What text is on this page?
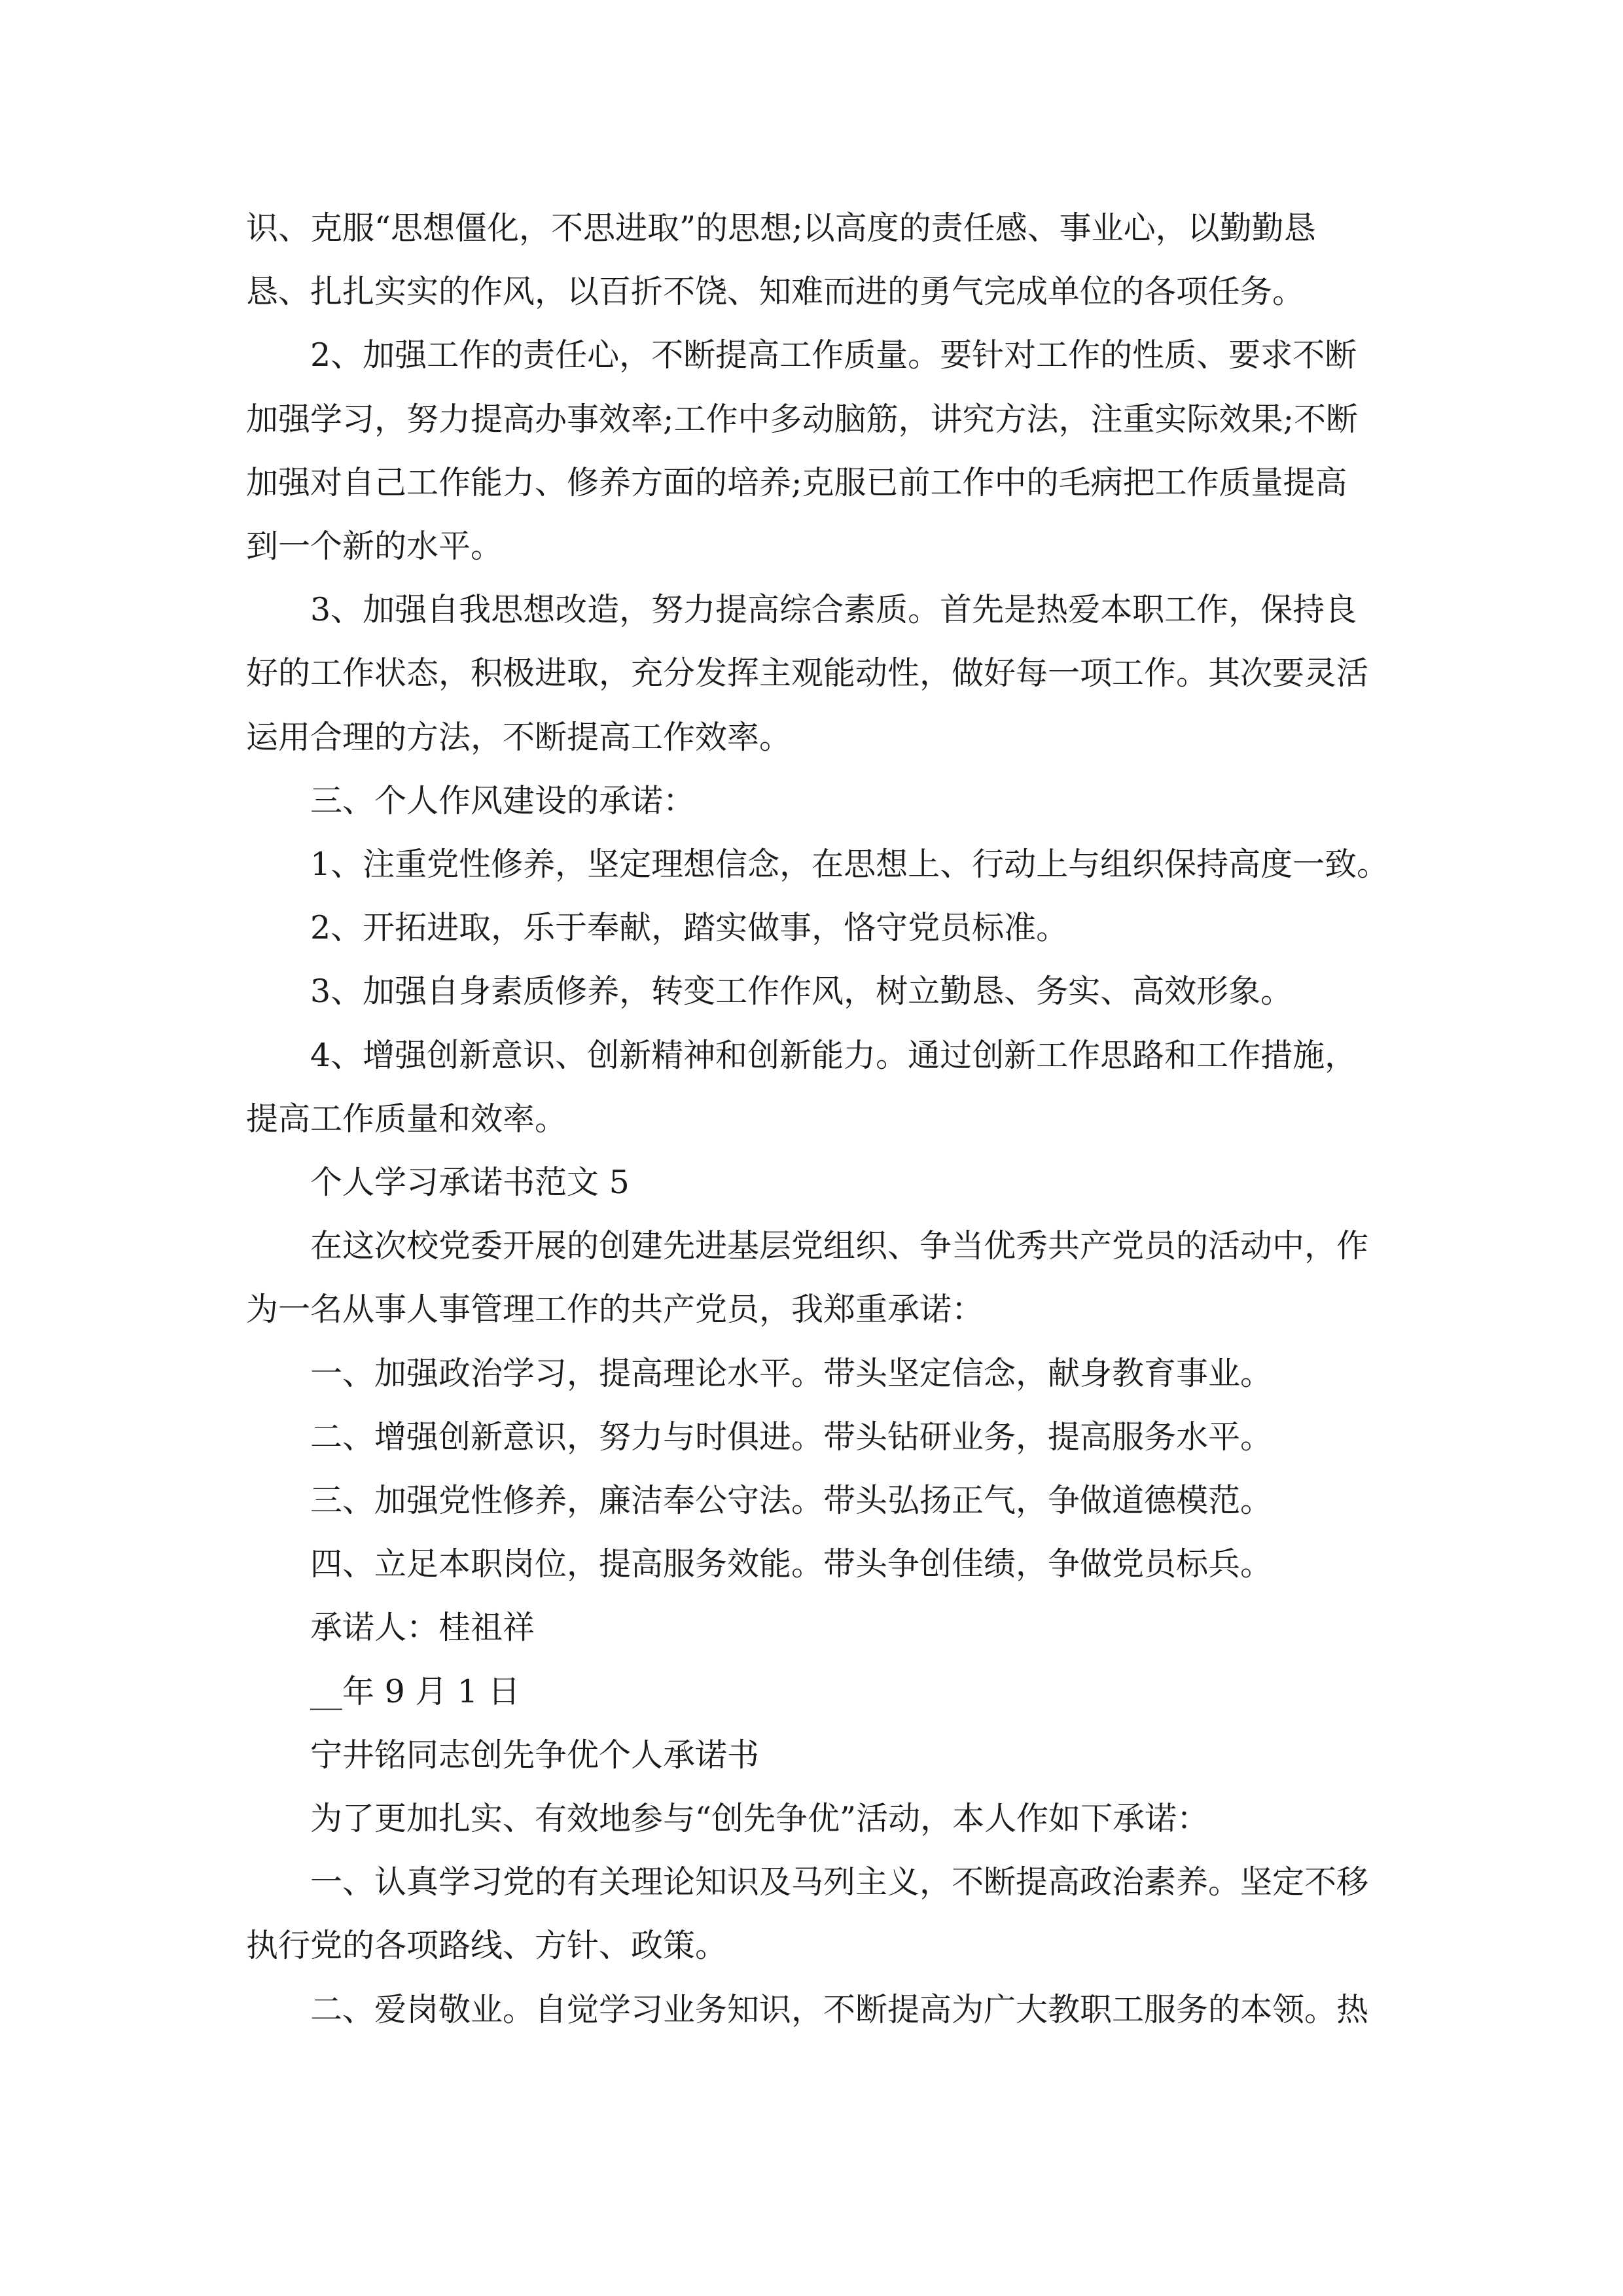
识、克服“思想僵化，不思进取”的思想;以高度的责任感、事业心，以勤勤恳
恳、扎扎实实的作风，以百折不饶、知难而进的勇气完成单位的各项任务。

2、加强工作的责任心，不断提高工作质量。要针对工作的性质、要求不断
加强学习，努力提高办事效率;工作中多动脑筋，讲究方法，注重实际效果;不断
加强对自己工作能力、修养方面的培养;克服已前工作中的毛病把工作质量提高
到一个新的水平。

3、加强自我思想改造，努力提高综合素质。首先是热爱本职工作，保持良
好的工作状态，积极进取，充分发挥主观能动性，做好每一项工作。其次要灵活
运用合理的方法，不断提高工作效率。

三、个人作风建设的承诺：

1、注重党性修养，坚定理想信念，在思想上、行动上与组织保持高度一致。

2、开拓进取，乐于奉献，踏实做事，恪守党员标准。

3、加强自身素质修养，转变工作作风，树立勤恳、务实、高效形象。

4、增强创新意识、创新精神和创新能力。通过创新工作思路和工作措施，
提高工作质量和效率。

个人学习承诺书范文 5

在这次校党委开展的创建先进基层党组织、争当优秀共产党员的活动中，作
为一名从事人事管理工作的共产党员，我郑重承诺：

一、加强政治学习，提高理论水平。带头坚定信念，献身教育事业。

二、增强创新意识，努力与时俱进。带头钻研业务，提高服务水平。

三、加强党性修养，廉洁奉公守法。带头弘扬正气，争做道德模范。

四、立足本职岗位，提高服务效能。带头争创佳绩，争做党员标兵。

承诺人：桂祖祥

__年 9 月 1 日

宁井铭同志创先争优个人承诺书

为了更加扎实、有效地参与“创先争优”活动，本人作如下承诺：

一、认真学习党的有关理论知识及马列主义，不断提高政治素养。坚定不移
执行党的各项路线、方针、政策。

二、爱岗敬业。自觉学习业务知识，不断提高为广大教职工服务的本领。热
